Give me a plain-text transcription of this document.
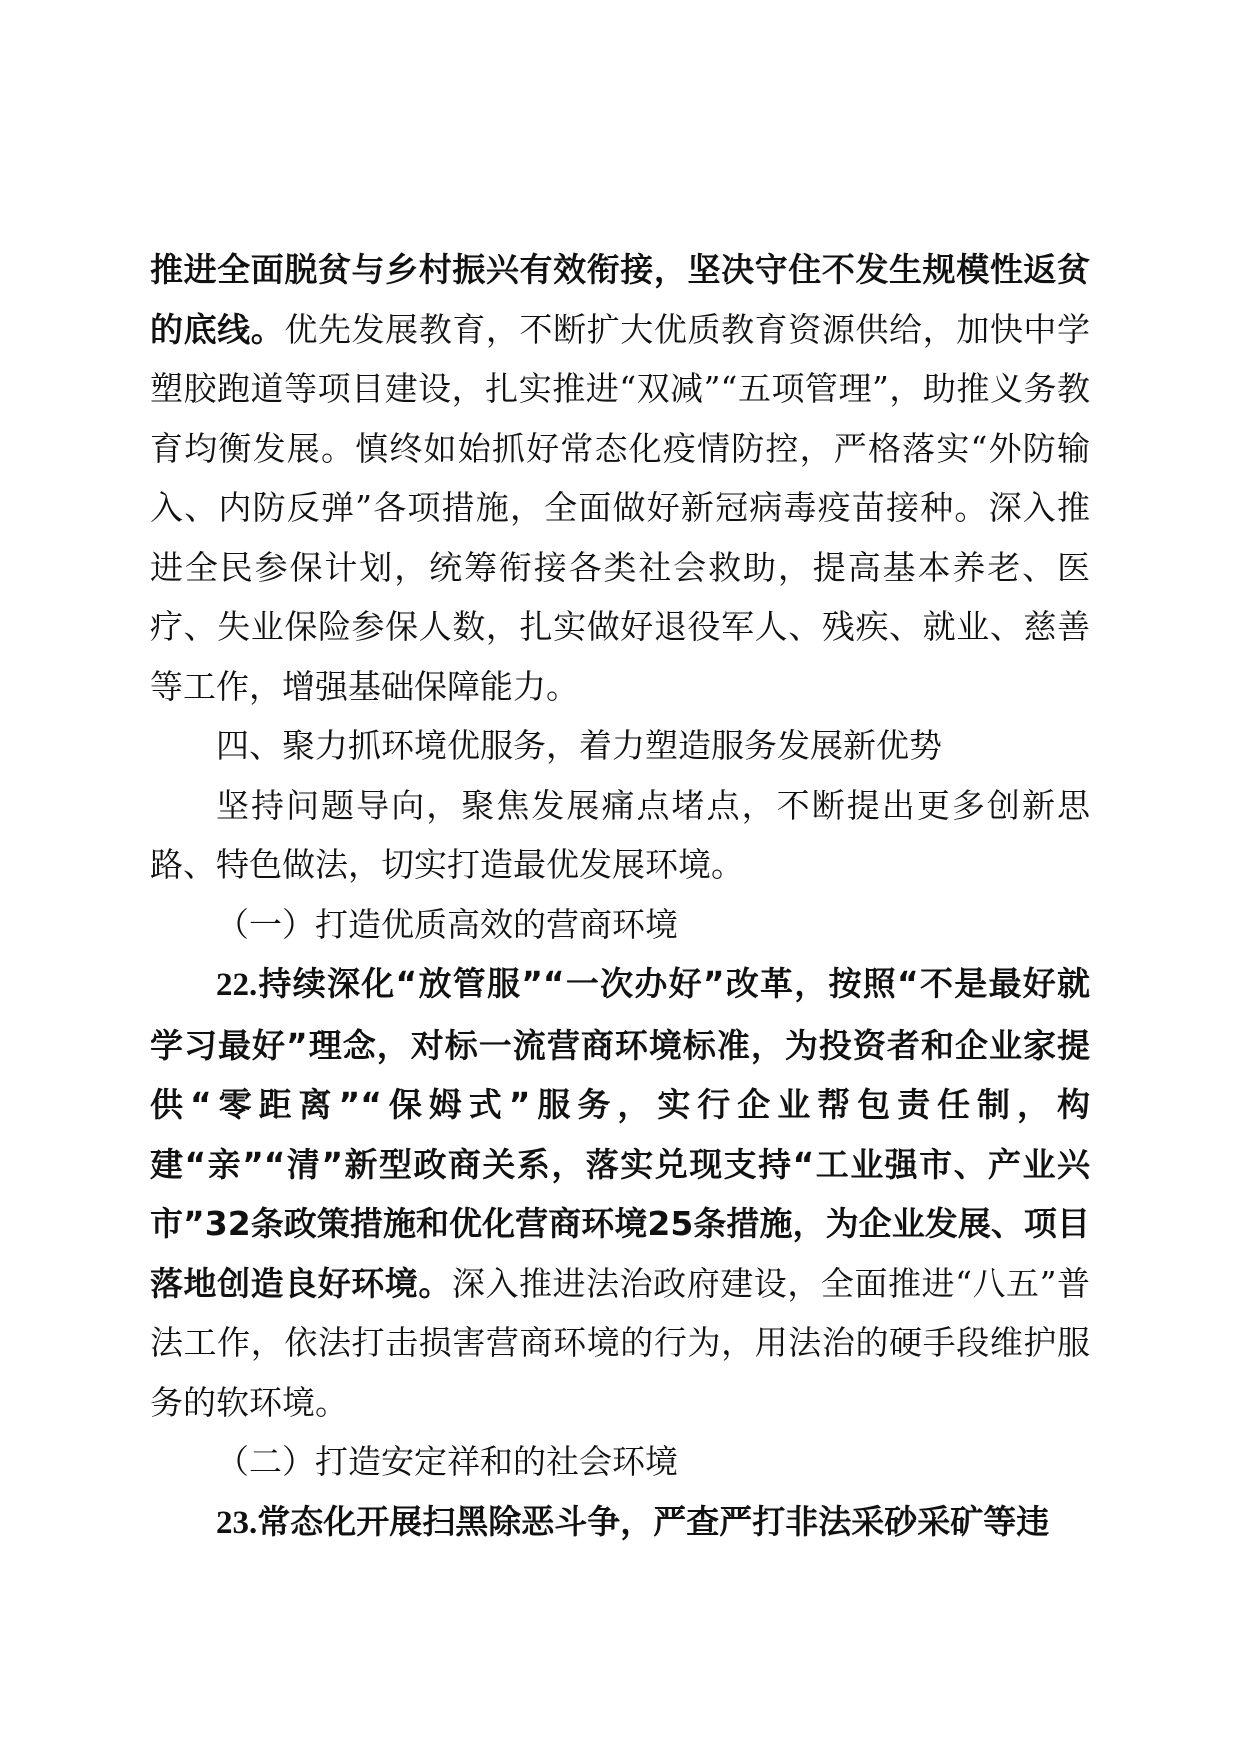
推进全面脱贫与乡村振兴有效衔接，坚决守住不发生规模性返贫的底线。优先发展教育，不断扩大优质教育资源供给，加快中学塑胶跑道等项目建设，扎实推进“双减”“五项管理”，助推义务教育均衡发展。慎终如始抓好常态化疫情防控，严格落实“外防输入、内防反弹”各项措施，全面做好新冠病毒疫苗接种。深入推进全民参保计划，统筹衔接各类社会救助，提高基本养老、医疗、失业保险参保人数，扎实做好退役军人、残疾、就业、慈善等工作，增强基础保障能力。

四、聚力抓环境优服务，着力塑造服务发展新优势

坚持问题导向，聚焦发展痛点堵点，不断提出更多创新思路、特色做法，切实打造最优发展环境。

（一）打造优质高效的营商环境

22.持续深化“放管服”“一次办好”改革，按照“不是最好就学习最好”理念，对标一流营商环境标准，为投资者和企业家提供“零距离”“保姆式”服务，实行企业帮包责任制，构建“亲”“清”新型政商关系，落实兑现支持“工业强市、产业兴市”32条政策措施和优化营商环境25条措施，为企业发展、项目落地创造良好环境。深入推进法治政府建设，全面推进“八五”普法工作，依法打击损害营商环境的行为，用法治的硬手段维护服务的软环境。

（二）打造安定祥和的社会环境

23.常态化开展扫黑除恶斗争，严查严打非法采砂采矿等违
